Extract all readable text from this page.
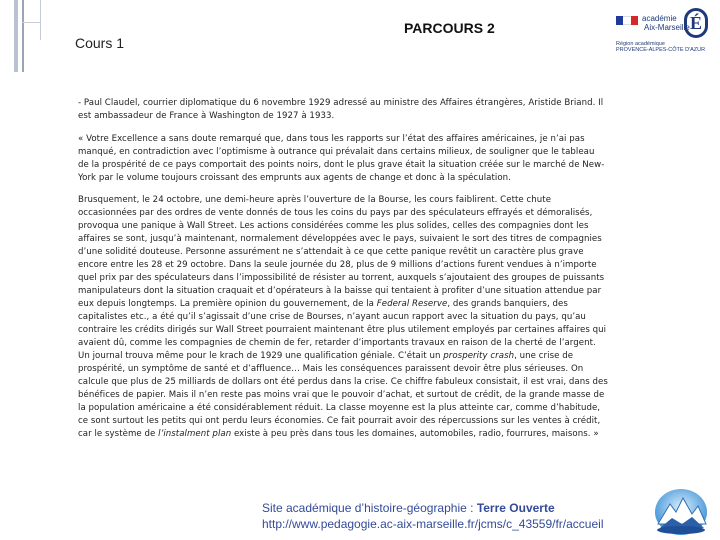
Cours 1
PARCOURS 2
académie
Aix-Marseille É
Région académique
PROVENCE-ALPES-CÔTE D'AZUR

- Paul Claudel, courrier diplomatique du 6 novembre 1929 adressé au ministre des Affaires étrangères, Aristide Briand. Il est ambassadeur de France à Washington de 1927 à 1933.

« Votre Excellence a sans doute remarqué que, dans tous les rapports sur l’état des affaires américaines, je n’ai pas manqué, en contradiction avec l’optimisme à outrance qui prévalait dans certains milieux, de souligner que le tableau de la prospérité de ce pays comportait des points noirs, dont le plus grave était la situation créée sur le marché de New-York par le volume toujours croissant des emprunts aux agents de change et donc à la spéculation.

Brusquement, le 24 octobre, une demi-heure après l’ouverture de la Bourse, les cours faiblirent. Cette chute occasionnées par des ordres de vente donnés de tous les coins du pays par des spéculateurs effrayés et démoralisés, provoqua une panique à Wall Street. Les actions considérées comme les plus solides, celles des compagnies dont les affaires se sont, jusqu’à maintenant, normalement développées avec le pays, suivaient le sort des titres de compagnies d’une solidité douteuse. Personne assurément ne s’attendait à ce que cette panique revêtit un caractère plus grave encore entre les 28 et 29 octobre. Dans la seule journée du 28, plus de 9 millions d’actions furent vendues à n’importe quel prix par des spéculateurs dans l’impossibilité de résister au torrent, auxquels s’ajoutaient des groupes de puissants manipulateurs dont la situation craquait et d’opérateurs à la baisse qui tentaient à profiter d’une situation attendue par eux depuis longtemps. La première opinion du gouvernement, de la Federal Reserve, des grands banquiers, des capitalistes etc., a été qu’il s’agissait d’une crise de Bourses, n’ayant aucun rapport avec la situation du pays, qu’au contraire les crédits dirigés sur Wall Street pourraient maintenant être plus utilement employés par certaines affaires qui avaient dû, comme les compagnies de chemin de fer, retarder d’importants travaux en raison de la cherté de l’argent. Un journal trouva même pour le krach de 1929 une qualification géniale. C’était un prosperity crash, une crise de prospérité, un symptôme de santé et d’affluence… Mais les conséquences paraissent devoir être plus sérieuses. On calcule que plus de 25 milliards de dollars ont été perdus dans la crise. Ce chiffre fabuleux consistait, il est vrai, dans des bénéfices de papier. Mais il n’en reste pas moins vrai que le pouvoir d’achat, et surtout de crédit, de la grande masse de la population américaine a été considérablement réduit. La classe moyenne est la plus atteinte car, comme d’habitude, ce sont surtout les petits qui ont perdu leurs économies. Ce fait pourrait avoir des répercussions sur les ventes à crédit, car le système de l’instalment plan existe à peu près dans tous les domaines, automobiles, radio, fourrures, maisons. »

Site académique d’histoire-géographie : Terre Ouverte
http://www.pedagogie.ac-aix-marseille.fr/jcms/c_43559/fr/accueil
